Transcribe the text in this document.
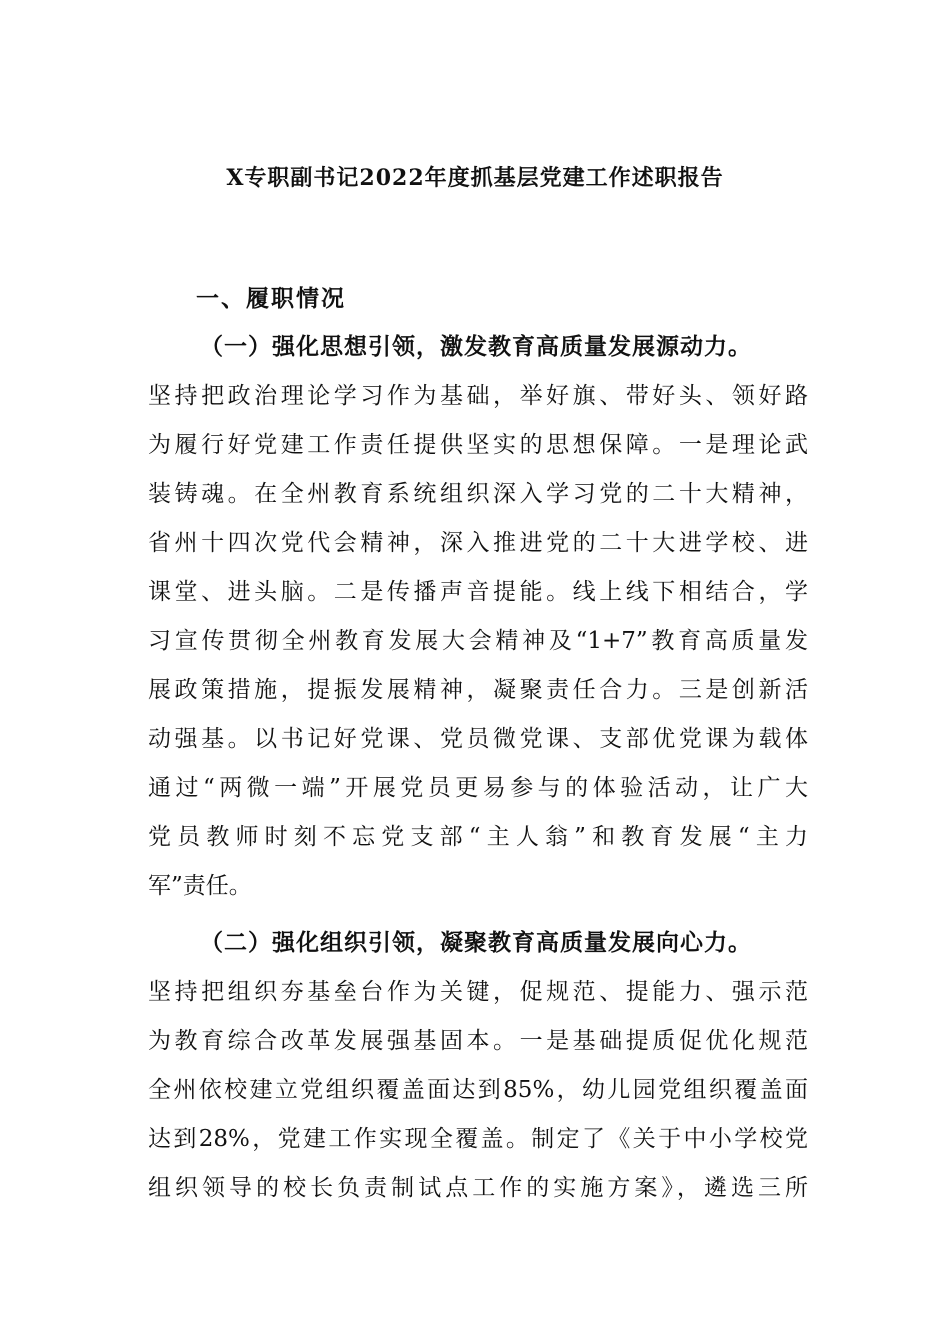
X专职副书记2022年度抓基层党建工作述职报告
一、履职情况
（一）强化思想引领，激发教育高质量发展源动力。
坚持把政治理论学习作为基础，举好旗、带好头、领好路
为履行好党建工作责任提供坚实的思想保障。一是理论武
装铸魂。在全州教育系统组织深入学习党的二十大精神，
省州十四次党代会精神，深入推进党的二十大进学校、进
课堂、进头脑。二是传播声音提能。线上线下相结合，学
习宣传贯彻全州教育发展大会精神及“1+7”教育高质量发
展政策措施，提振发展精神，凝聚责任合力。三是创新活
动强基。以书记好党课、党员微党课、支部优党课为载体
通过“两微一端”开展党员更易参与的体验活动，让广大
党员教师时刻不忘党支部“主人翁”和教育发展“主力
军”责任。
（二）强化组织引领，凝聚教育高质量发展向心力。
坚持把组织夯基垒台作为关键，促规范、提能力、强示范
为教育综合改革发展强基固本。一是基础提质促优化规范
全州依校建立党组织覆盖面达到85%，幼儿园党组织覆盖面
达到28%，党建工作实现全覆盖。制定了《关于中小学校党
组织领导的校长负责制试点工作的实施方案》，遴选三所
